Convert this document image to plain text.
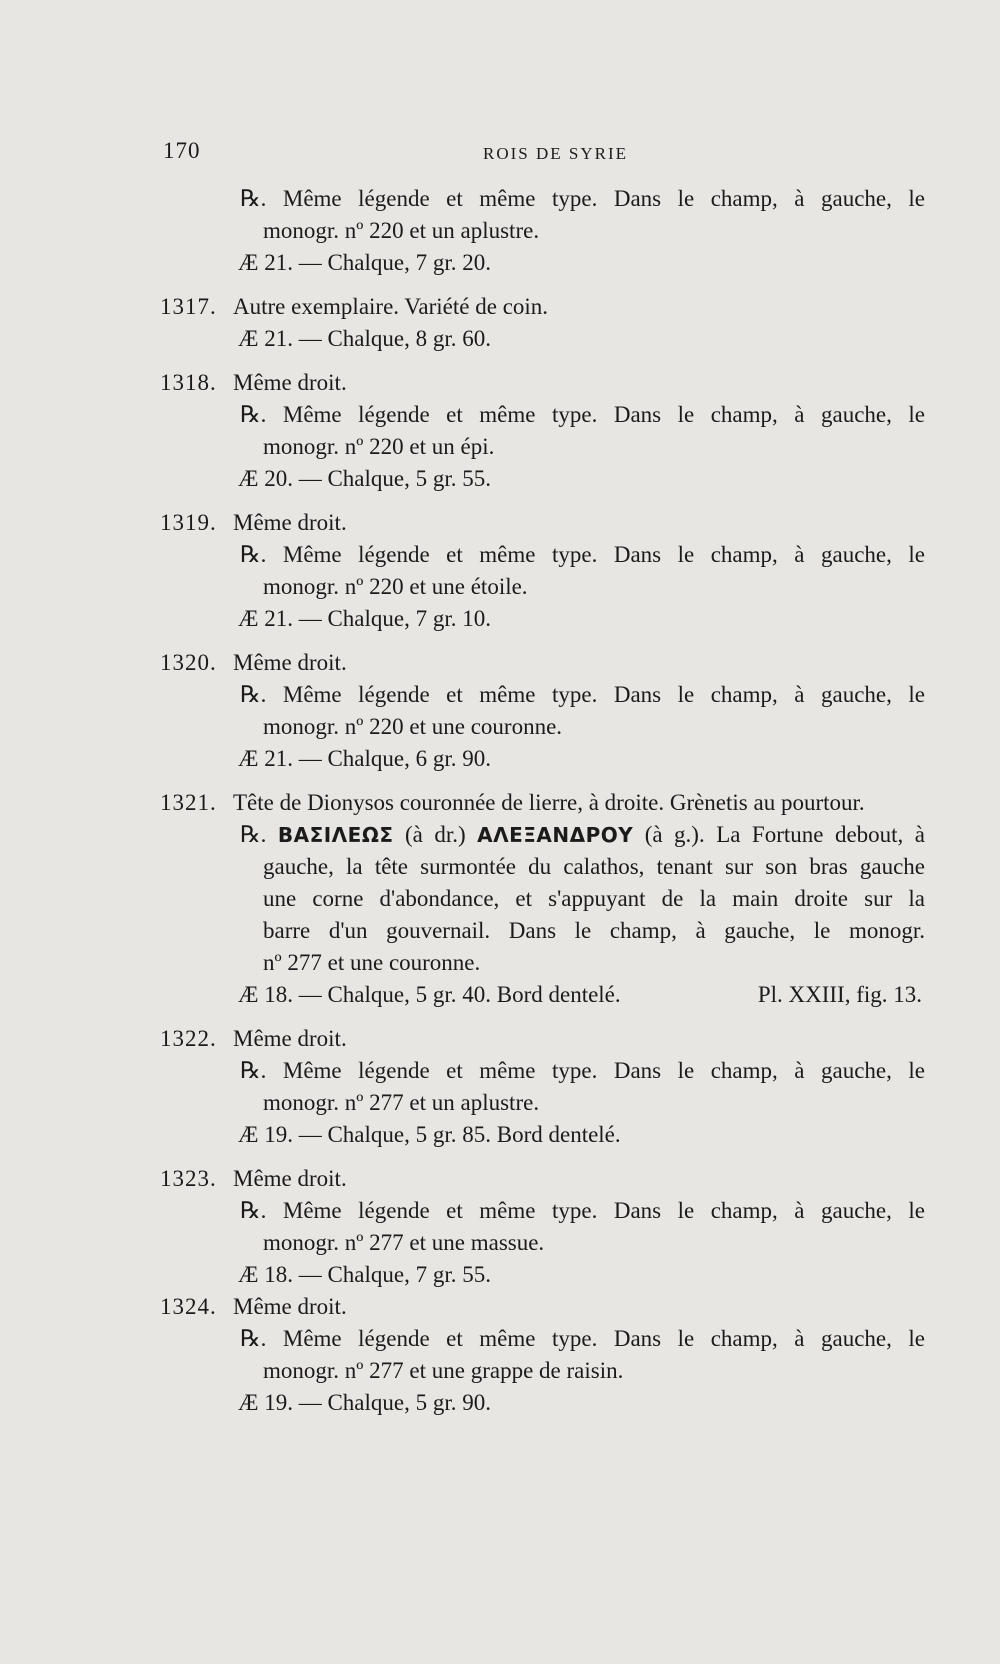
170	ROIS DE SYRIE
℞. Même légende et même type. Dans le champ, à gauche, le
monogr. nº 220 et un aplustre.
Æ 21. — Chalque, 7 gr. 20.
1317. Autre exemplaire. Variété de coin.
Æ 21. — Chalque, 8 gr. 60.
1318. Même droit.
℞. Même légende et même type. Dans le champ, à gauche, le
monogr. nº 220 et un épi.
Æ 20. — Chalque, 5 gr. 55.
1319. Même droit.
℞. Même légende et même type. Dans le champ, à gauche, le
monogr. nº 220 et une étoile.
Æ 21. — Chalque, 7 gr. 10.
1320. Même droit.
℞. Même légende et même type. Dans le champ, à gauche, le
monogr. nº 220 et une couronne.
Æ 21. — Chalque, 6 gr. 90.
1321. Tête de Dionysos couronnée de lierre, à droite. Grènetis au pourtour.
℞. ΒΑΣΙΛΕΩΣ (à dr.) ΑΛΕΞΑΝΔΡΟΥ (à g.). La Fortune debout, à
gauche, la tête surmontée du calathos, tenant sur son bras gauche
une corne d'abondance, et s'appuyant de la main droite sur la
barre d'un gouvernail. Dans le champ, à gauche, le monogr.
nº 277 et une couronne.
Æ 18. — Chalque, 5 gr. 40. Bord dentelé.	Pl. XXIII, fig. 13.
1322. Même droit.
℞. Même légende et même type. Dans le champ, à gauche, le
monogr. nº 277 et un aplustre.
Æ 19. — Chalque, 5 gr. 85. Bord dentelé.
1323. Même droit.
℞. Même légende et même type. Dans le champ, à gauche, le
monogr. nº 277 et une massue.
Æ 18. — Chalque, 7 gr. 55.
1324. Même droit.
℞. Même légende et même type. Dans le champ, à gauche, le
monogr. nº 277 et une grappe de raisin.
Æ 19. — Chalque, 5 gr. 90.
